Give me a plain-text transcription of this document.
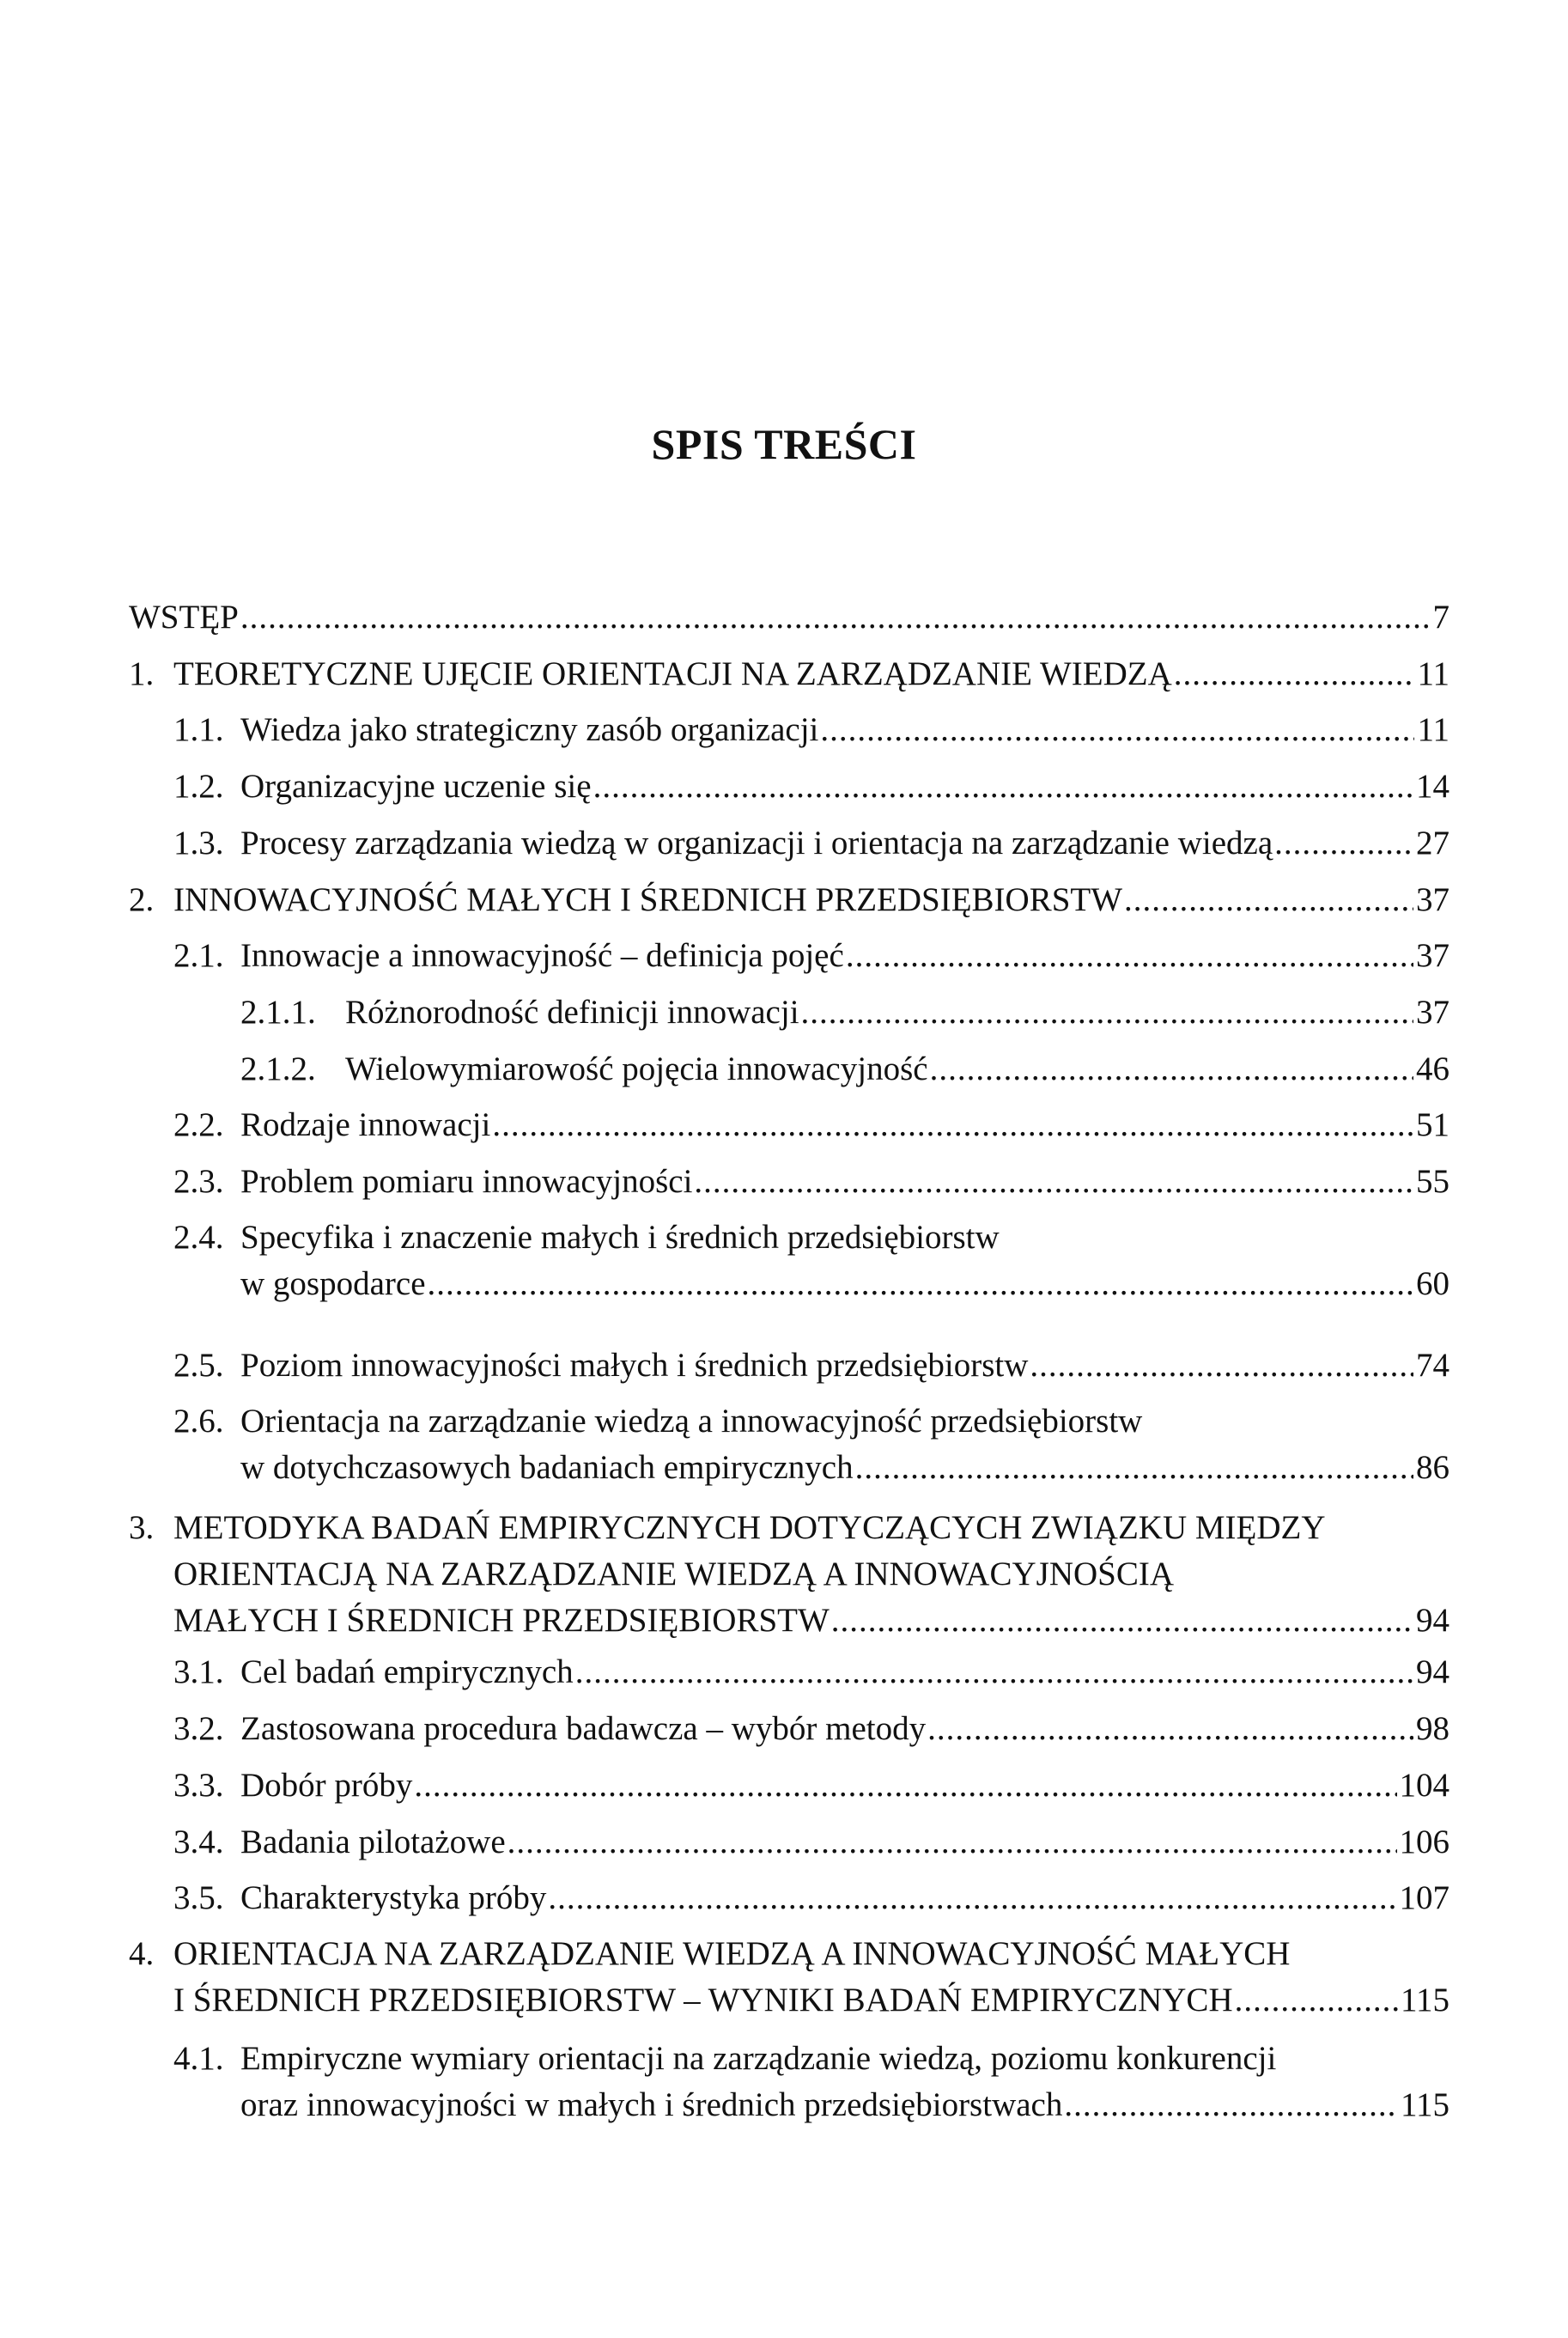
SPIS TREŚCI
WSTĘP .....	7
1. TEORETYCZNE UJĘCIE ORIENTACJI NA ZARZĄDZANIE WIEDZĄ .....	11
1.1. Wiedza jako strategiczny zasób organizacji .....	11
1.2. Organizacyjne uczenie się .....	14
1.3. Procesy zarządzania wiedzą w organizacji i orientacja na zarządzanie wiedzą .....	27
2. INNOWACYJNOŚĆ MAŁYCH I ŚREDNICH PRZEDSIĘBIORSTW .....	37
2.1. Innowacje a innowacyjność – definicja pojęć .....	37
2.1.1. Różnorodność definicji innowacji .....	37
2.1.2. Wielowymiarowość pojęcia innowacyjność .....	46
2.2. Rodzaje innowacji .....	51
2.3. Problem pomiaru innowacyjności .....	55
2.4. Specyfika i znaczenie małych i średnich przedsiębiorstw
w gospodarce .....	60
2.5. Poziom innowacyjności małych i średnich przedsiębiorstw .....	74
2.6. Orientacja na zarządzanie wiedzą a innowacyjność przedsiębiorstw
w dotychczasowych badaniach empirycznych .....	86
3. METODYKA BADAŃ EMPIRYCZNYCH DOTYCZĄCYCH ZWIĄZKU MIĘDZY
ORIENTACJĄ NA ZARZĄDZANIE WIEDZĄ A INNOWACYJNOŚCIĄ
MAŁYCH I ŚREDNICH PRZEDSIĘBIORSTW .....	94
3.1. Cel badań empirycznych .....	94
3.2. Zastosowana procedura badawcza – wybór metody .....	98
3.3. Dobór próby .....	104
3.4. Badania pilotażowe .....	106
3.5. Charakterystyka próby .....	107
4. ORIENTACJA NA ZARZĄDZANIE WIEDZĄ A INNOWACYJNOŚĆ MAŁYCH
I ŚREDNICH PRZEDSIĘBIORSTW – WYNIKI BADAŃ EMPIRYCZNYCH .....	115
4.1. Empiryczne wymiary orientacji na zarządzanie wiedzą, poziomu konkurencji
oraz innowacyjności w małych i średnich przedsiębiorstwach .....	115
